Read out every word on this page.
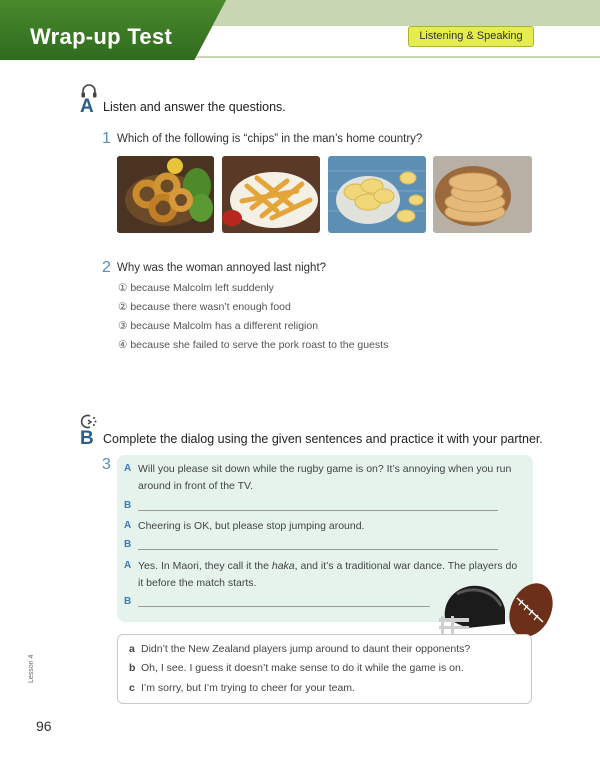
Wrap-up Test	Listening & Speaking
A Listen and answer the questions.
1 Which of the following is “chips” in the man’s home country?
2 Why was the woman annoyed last night?
① because Malcolm left suddenly
② because there wasn’t enough food
③ because Malcolm has a different religion
④ because she failed to serve the pork roast to the guests
B Complete the dialog using the given sentences and practice it with your partner.
3 A Will you please sit down while the rugby game is on? It’s annoying when you run
around in front of the TV.
B
A Cheering is OK, but please stop jumping around.
B
A Yes. In Maori, they call it the haka, and it’s a traditional war dance. The players do
it before the match starts.
B
a Didn’t the New Zealand players jump around to daunt their opponents?
b Oh, I see. I guess it doesn’t make sense to do it while the game is on.
c I’m sorry, but I’m trying to cheer for your team.
Lesson 4
96
